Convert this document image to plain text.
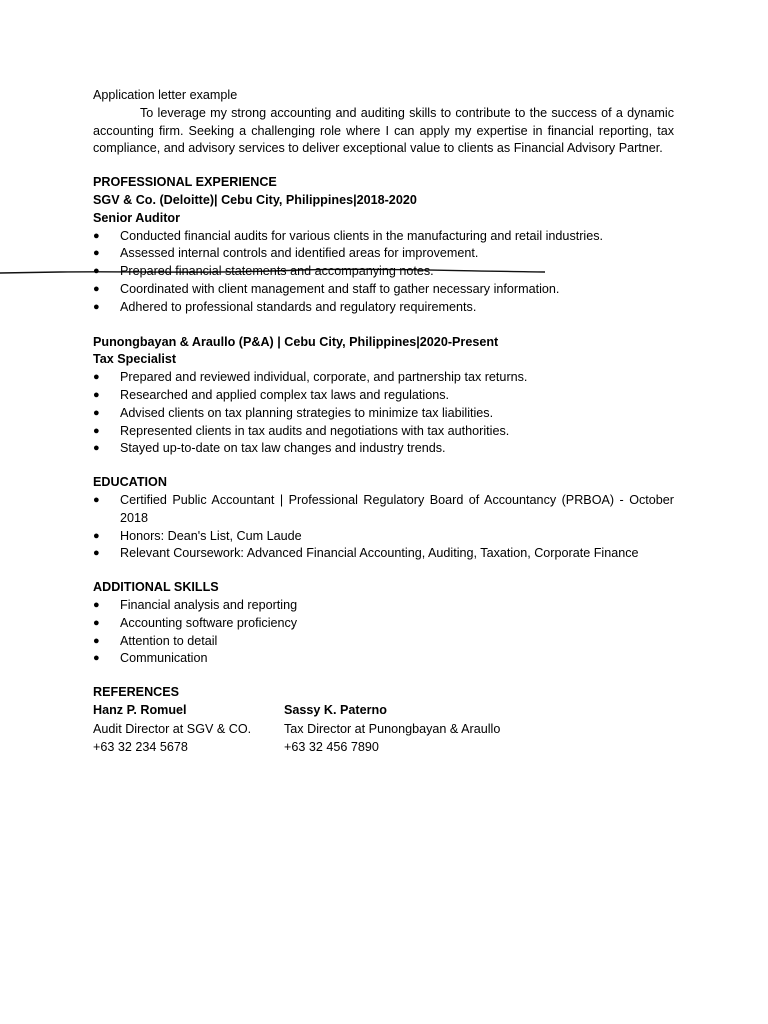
Application letter example

To leverage my strong accounting and auditing skills to contribute to the success of a dynamic accounting firm. Seeking a challenging role where I can apply my expertise in financial reporting, tax compliance, and advisory services to deliver exceptional value to clients as Financial Advisory Partner.

PROFESSIONAL EXPERIENCE

SGV & Co. (Deloitte)| Cebu City, Philippines|2018-2020

Senior Auditor

● Conducted financial audits for various clients in the manufacturing and retail industries.
● Assessed internal controls and identified areas for improvement.
● Prepared financial statements and accompanying notes.
● Coordinated with client management and staff to gather necessary information.
● Adhered to professional standards and regulatory requirements.

Punongbayan & Araullo (P&A) | Cebu City, Philippines|2020-Present

Tax Specialist

● Prepared and reviewed individual, corporate, and partnership tax returns.
● Researched and applied complex tax laws and regulations.
● Advised clients on tax planning strategies to minimize tax liabilities.
● Represented clients in tax audits and negotiations with tax authorities.
● Stayed up-to-date on tax law changes and industry trends.
EDUCATION
● Certified Public Accountant | Professional Regulatory Board of Accountancy (PRBOA) - October 2018
● Honors: Dean's List, Cum Laude
● Relevant Coursework: Advanced Financial Accounting, Auditing, Taxation, Corporate Finance
ADDITIONAL SKILLS
● Financial analysis and reporting
● Accounting software proficiency
● Attention to detail
● Communication
REFERENCES

Hanz P. Romuel

Audit Director at SGV & CO.
+63 32 234 5678

Sassy K. Paterno

Tax Director at Punongbayan & Araullo
+63 32 456 7890
